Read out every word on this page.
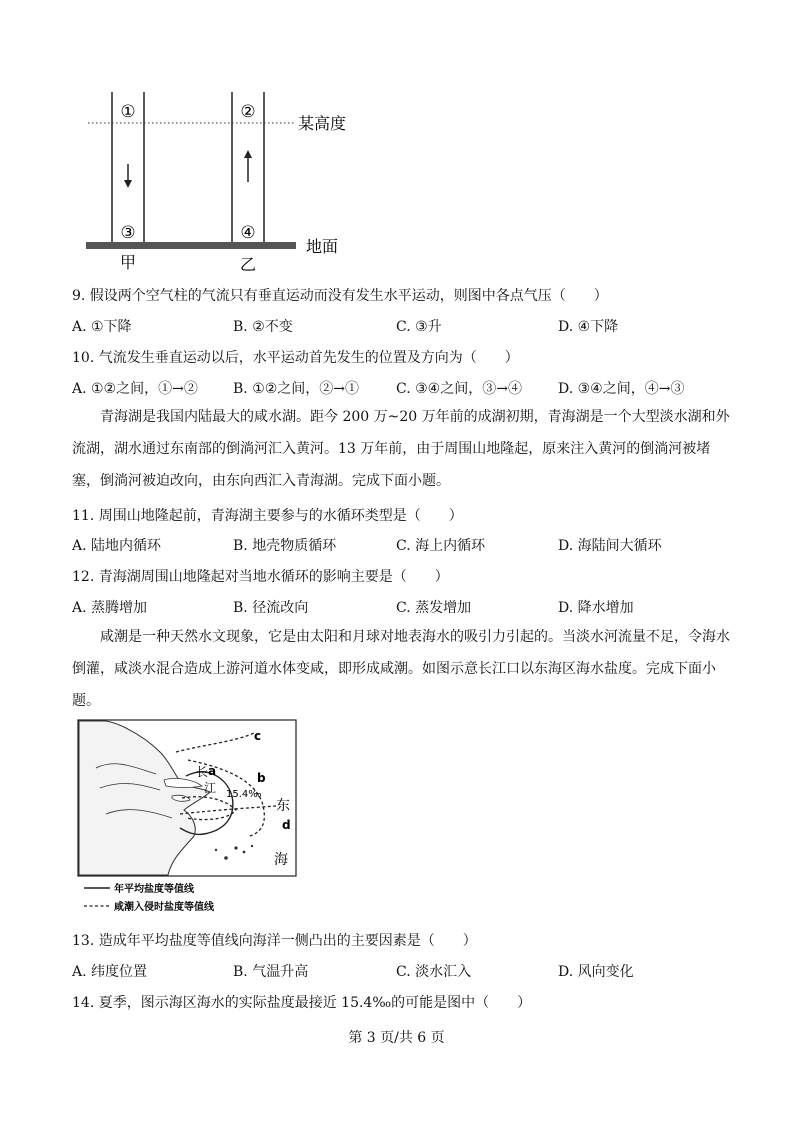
①	②
③	④
某高度
地面
甲	乙
9. 假设两个空气柱的气流只有垂直运动而没有发生水平运动，则图中各点气压（　　）
A. ①下降	B. ②不变	C. ③升	D. ④下降
10. 气流发生垂直运动以后，水平运动首先发生的位置及方向为（　　）
A. ①②之间，①→②	B. ①②之间，②→①	C. ③④之间，③→④	D. ③④之间，④→③
青海湖是我国内陆最大的咸水湖。距今 200 万~20 万年前的成湖初期，青海湖是一个大型淡水湖和外流湖，湖水通过东南部的倒淌河汇入黄河。13 万年前，由于周围山地隆起，原来注入黄河的倒淌河被堵塞，倒淌河被迫改向，由东向西汇入青海湖。完成下面小题。
11. 周围山地隆起前，青海湖主要参与的水循环类型是（　　）
A. 陆地内循环	B. 地壳物质循环	C. 海上内循环	D. 海陆间大循环
12. 青海湖周围山地隆起对当地水循环的影响主要是（　　）
A. 蒸腾增加	B. 径流改向	C. 蒸发增加	D. 降水增加
咸潮是一种天然水文现象，它是由太阳和月球对地表海水的吸引力引起的。当淡水河流量不足，令海水倒灌，咸淡水混合造成上游河道水体变咸，即形成咸潮。如图示意长江口以东海区海水盐度。完成下面小题。
c
a	b
d
15.4‰
长
江
东
海
年平均盐度等值线
咸潮入侵时盐度等值线
13. 造成年平均盐度等值线向海洋一侧凸出的主要因素是（　　）
A. 纬度位置	B. 气温升高	C. 淡水汇入	D. 风向变化
14. 夏季，图示海区海水的实际盐度最接近 15.4‰的可能是图中（　　）
第 3 页/共 6 页
